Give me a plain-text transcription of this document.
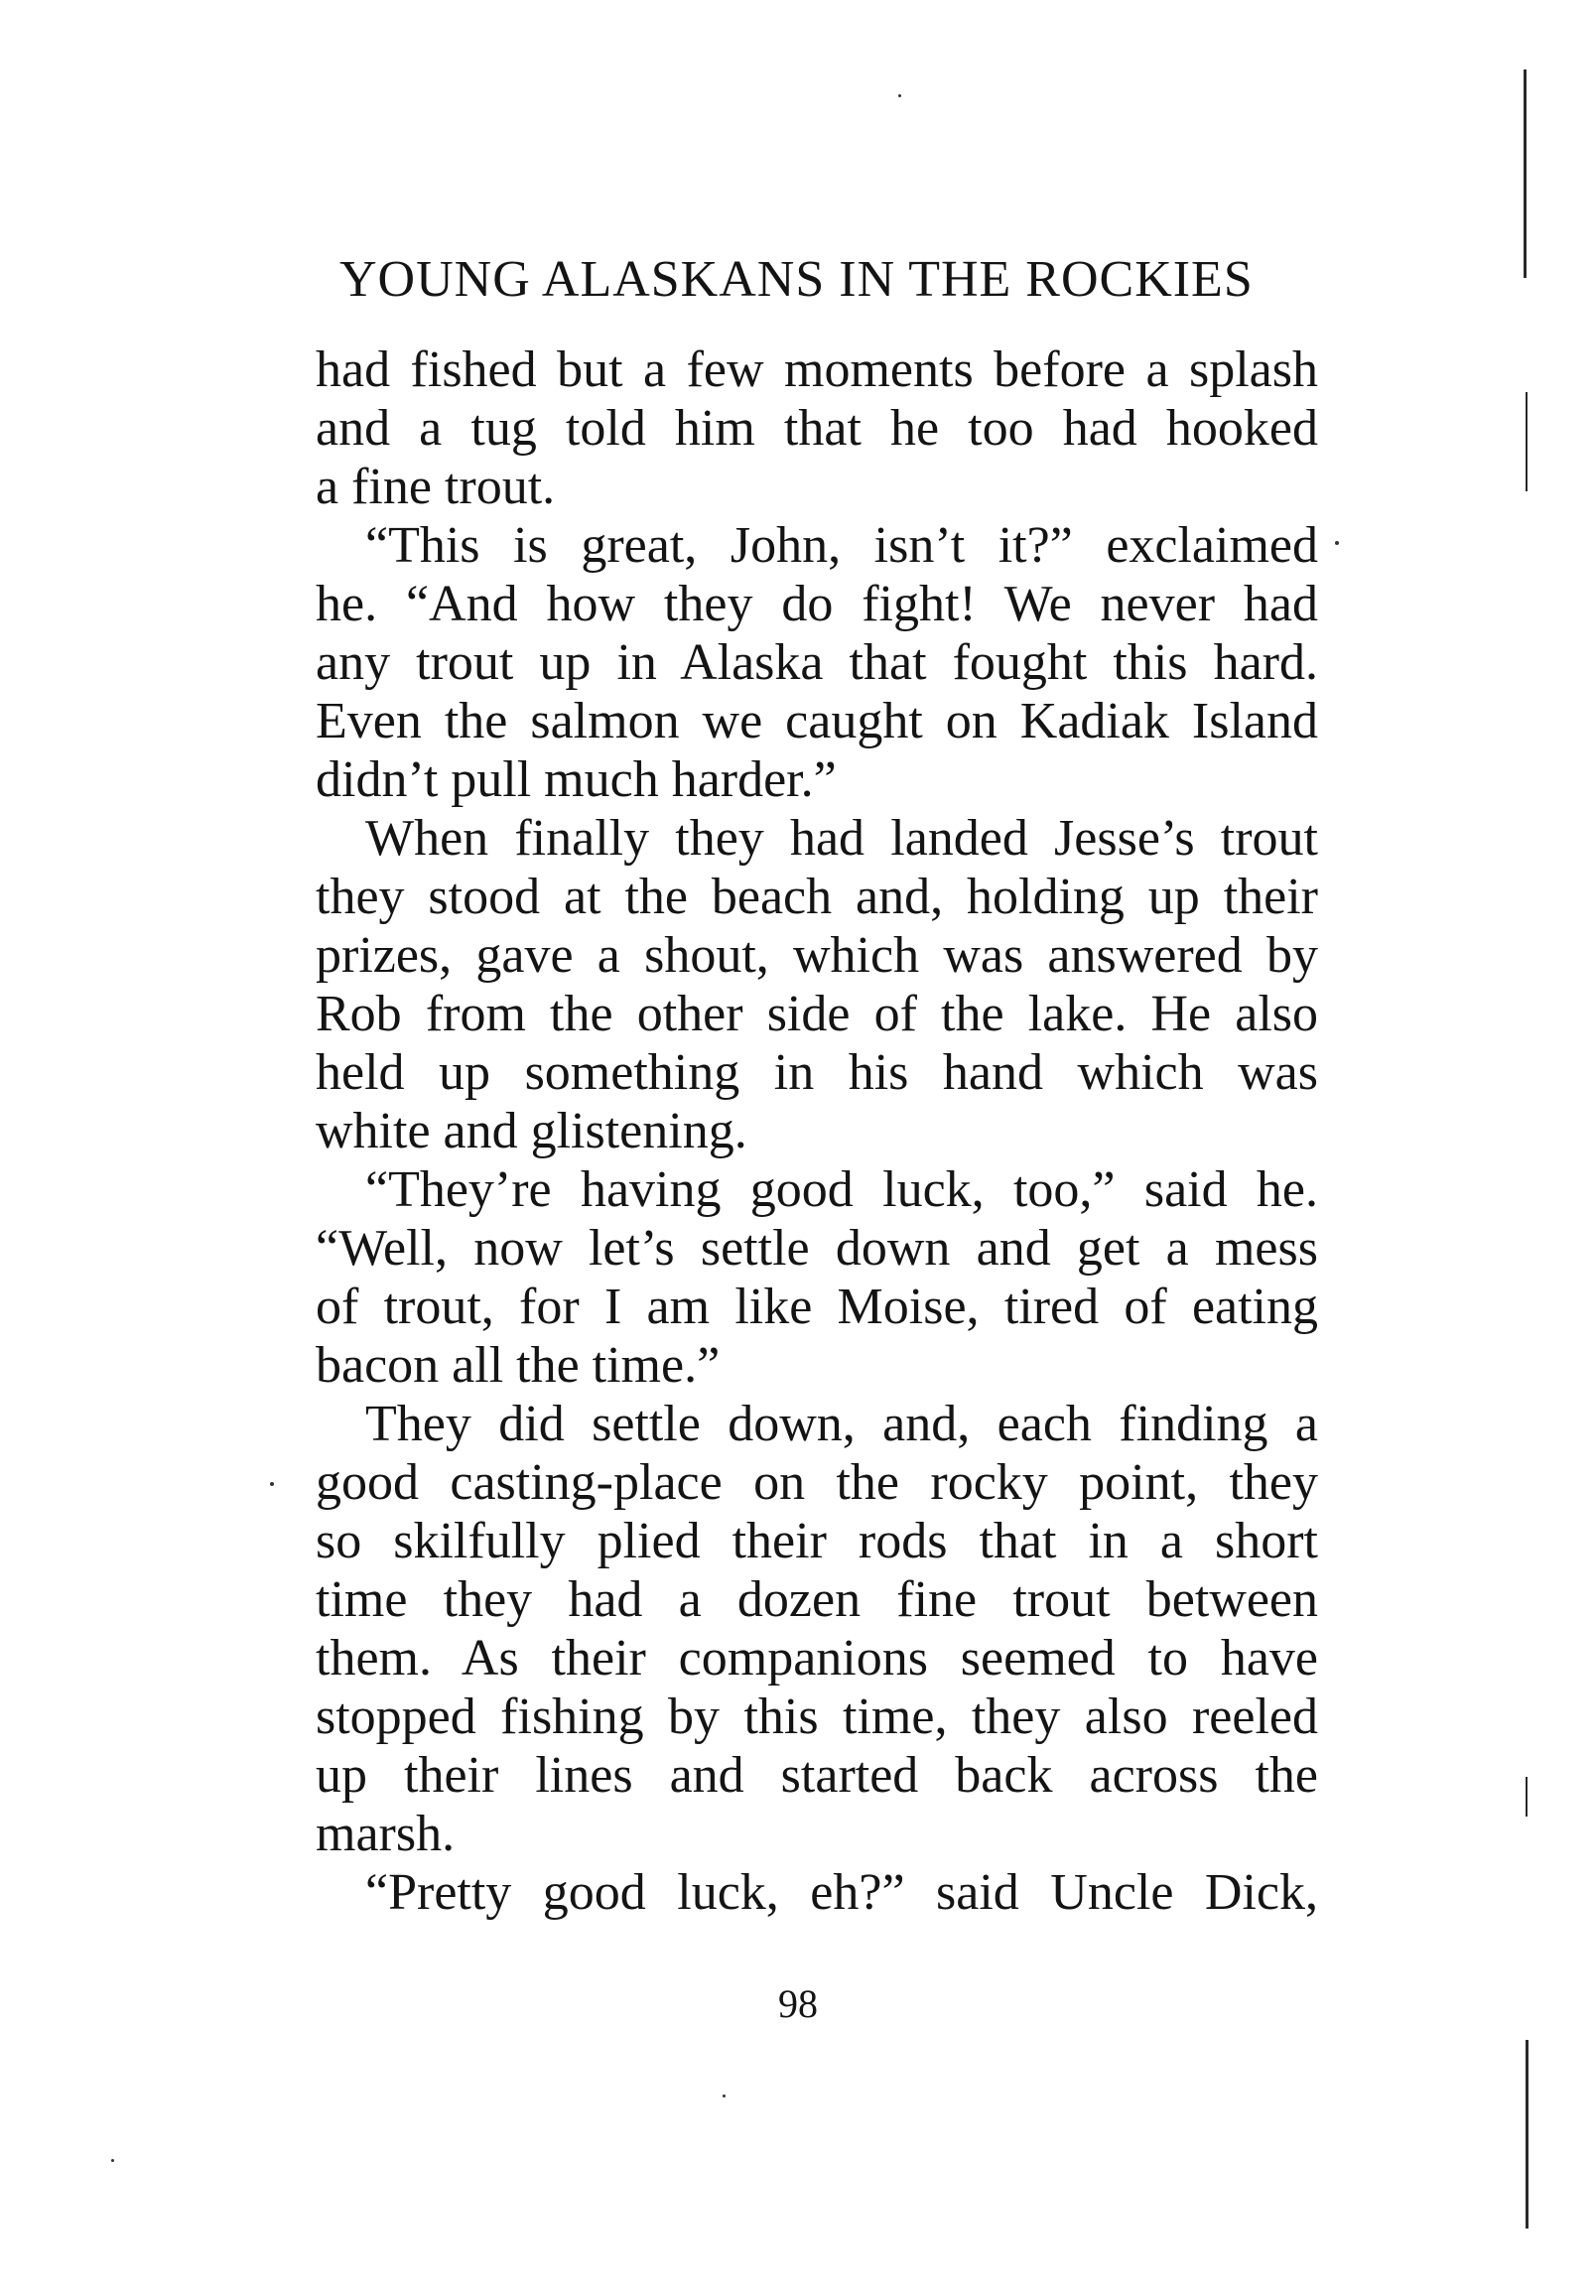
YOUNG ALASKANS IN THE ROCKIES
had fished but a few moments before a splash
and a tug told him that he too had hooked
a fine trout.
“This is great, John, isn’t it?” exclaimed
he. “And how they do fight! We never had
any trout up in Alaska that fought this hard.
Even the salmon we caught on Kadiak Island
didn’t pull much harder.”
When finally they had landed Jesse’s trout
they stood at the beach and, holding up their
prizes, gave a shout, which was answered by
Rob from the other side of the lake. He also
held up something in his hand which was
white and glistening.
“They’re having good luck, too,” said he.
“Well, now let’s settle down and get a mess
of trout, for I am like Moise, tired of eating
bacon all the time.”
They did settle down, and, each finding a
good casting-place on the rocky point, they
so skilfully plied their rods that in a short
time they had a dozen fine trout between
them. As their companions seemed to have
stopped fishing by this time, they also reeled
up their lines and started back across the
marsh.
“Pretty good luck, eh?” said Uncle Dick,
98
